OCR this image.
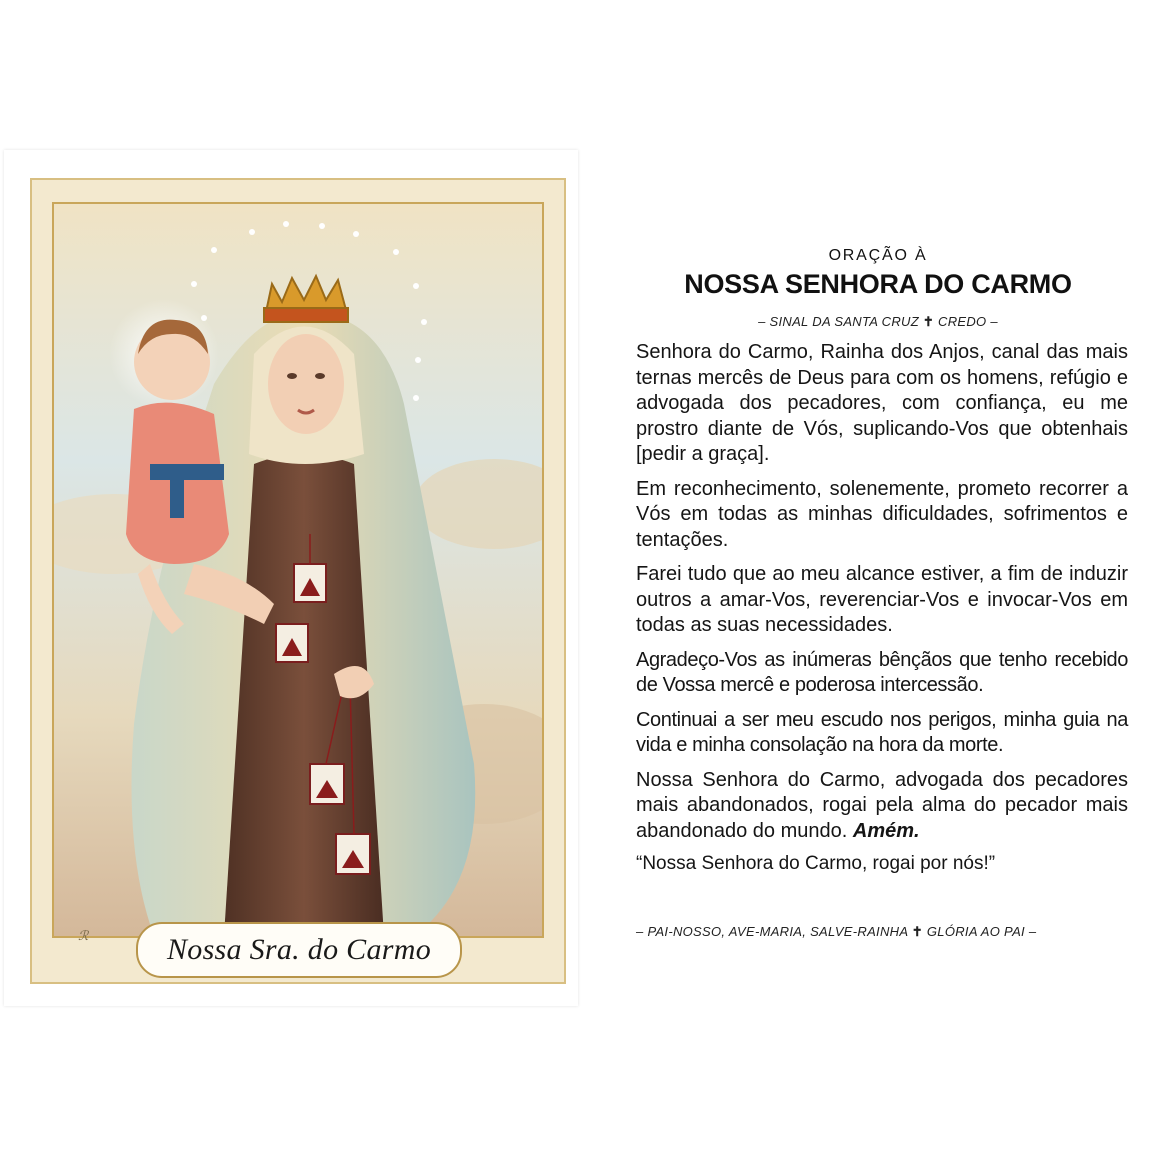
ℛ	Nossa Sra. do Carmo
ORAÇÃO À
NOSSA SENHORA DO CARMO
– SINAL DA SANTA CRUZ ✝ CREDO –

Senhora do Carmo, Rainha dos Anjos, canal das mais ternas mercês de Deus para com os homens, refúgio e advogada dos pecadores, com confiança, eu me prostro diante de Vós, suplicando-Vos que obtenhais [pedir a graça].

Em reconhecimento, solenemente, prometo recorrer a Vós em todas as minhas dificuldades, sofrimentos e tentações.

Farei tudo que ao meu alcance estiver, a fim de induzir outros a amar-Vos, reverenciar-Vos e invocar-Vos em todas as suas necessidades.

Agradeço-Vos as inúmeras bênçãos que tenho recebido de Vossa mercê e poderosa intercessão.

Continuai a ser meu escudo nos perigos, minha guia na vida e minha consolação na hora da morte.

Nossa Senhora do Carmo, advogada dos pecadores mais abandonados, rogai pela alma do pecador mais abandonado do mundo. Amém.

“Nossa Senhora do Carmo, rogai por nós!”
– PAI-NOSSO, AVE-MARIA, SALVE-RAINHA ✝ GLÓRIA AO PAI –
